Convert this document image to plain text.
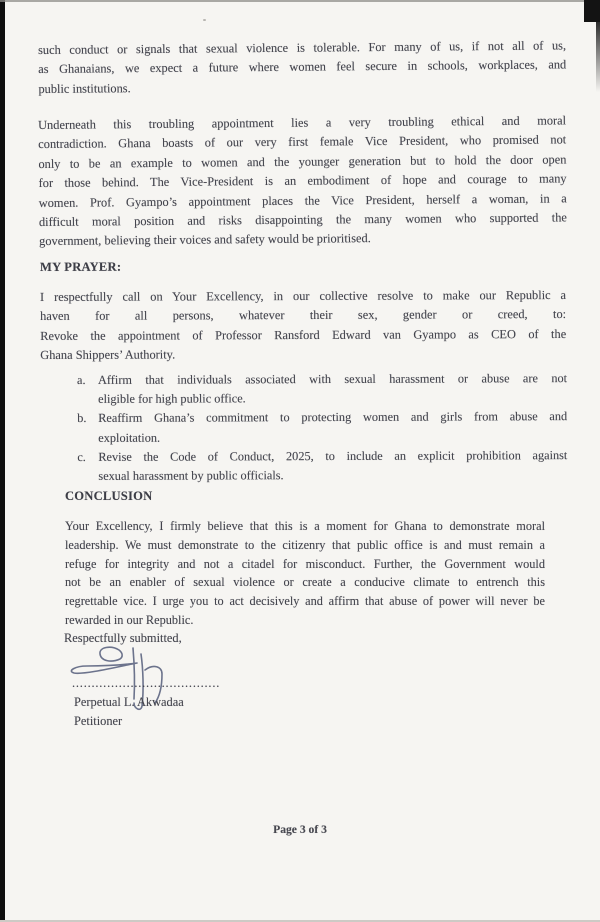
such conduct or signals that sexual violence is tolerable. For many of us, if not all of us,
as Ghanaians, we expect a future where women feel secure in schools, workplaces, and
public institutions.
Underneath this troubling appointment lies a very troubling ethical and moral
contradiction. Ghana boasts of our very first female Vice President, who promised not
only to be an example to women and the younger generation but to hold the door open
for those behind. The Vice-President is an embodiment of hope and courage to many
women. Prof. Gyampo’s appointment places the Vice President, herself a woman, in a
difficult moral position and risks disappointing the many women who supported the
government, believing their voices and safety would be prioritised.
MY PRAYER:
I respectfully call on Your Excellency, in our collective resolve to make our Republic a
haven for all persons, whatever their sex, gender or creed, to:
Revoke the appointment of Professor Ransford Edward van Gyampo as CEO of the
Ghana Shippers’ Authority.
a.	Affirm that individuals associated with sexual harassment or abuse are not
eligible for high public office.
b. Reaffirm Ghana’s commitment to protecting women and girls from abuse and
exploitation.
c.	Revise the Code of Conduct, 2025, to include an explicit prohibition against
sexual harassment by public officials.
CONCLUSION
Your Excellency, I firmly believe that this is a moment for Ghana to demonstrate moral
leadership. We must demonstrate to the citizenry that public office is and must remain a
refuge for integrity and not a citadel for misconduct. Further, the Government would
not be an enabler of sexual violence or create a conducive climate to entrench this
regrettable vice. I urge you to act decisively and affirm that abuse of power will never be
rewarded in our Republic.
Respectfully submitted,
......................................
Perpetual L. Akwadaa
Petitioner
Page 3 of 3
